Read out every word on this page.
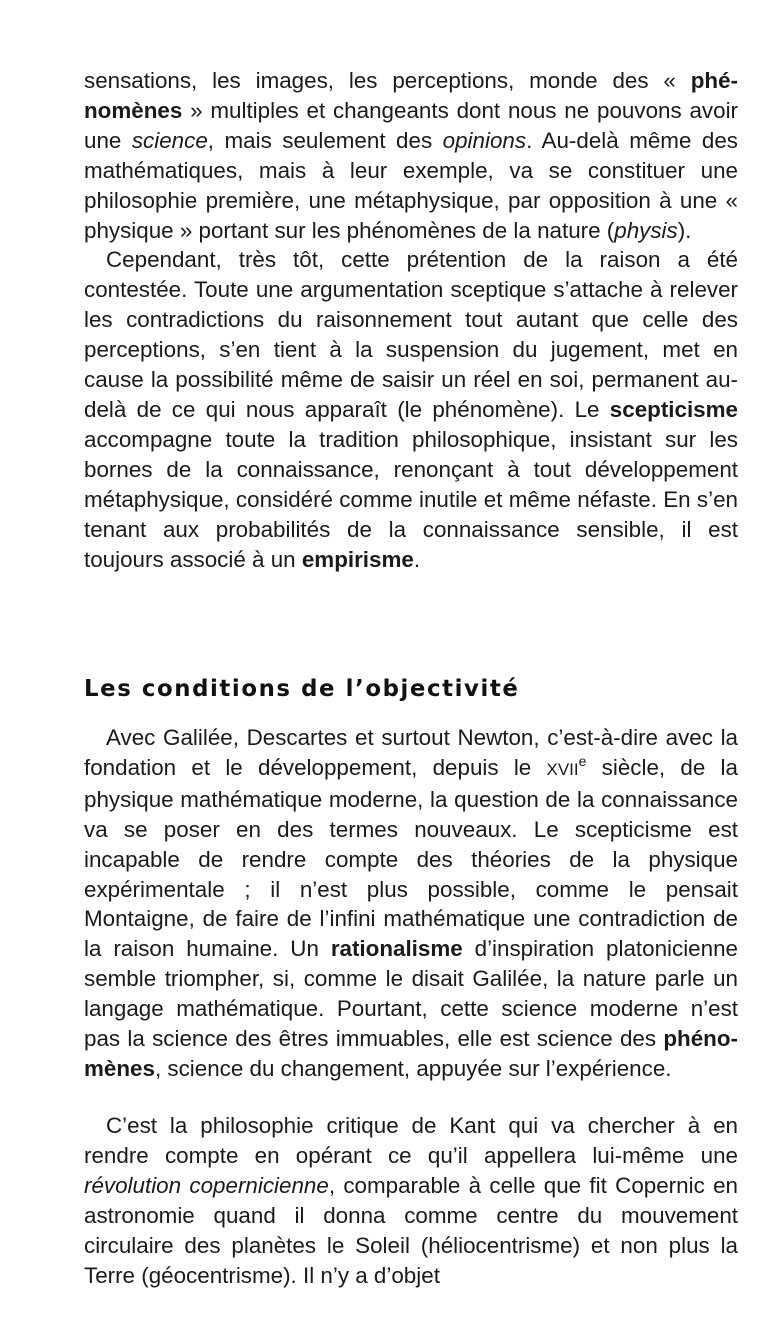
sensations, les images, les perceptions, monde des « phénomènes » multiples et changeants dont nous ne pouvons avoir une science, mais seulement des opinions. Au-delà même des mathématiques, mais à leur exemple, va se constituer une philosophie première, une métaphysique, par opposition à une « physique » portant sur les phénomènes de la nature (physis).

Cependant, très tôt, cette prétention de la raison a été contestée. Toute une argumentation sceptique s’attache à relever les contradictions du raisonnement tout autant que celle des perceptions, s’en tient à la suspension du jugement, met en cause la possibilité même de saisir un réel en soi, permanent au-delà de ce qui nous apparaît (le phénomène). Le scepticisme accompagne toute la tradition philosophique, insistant sur les bornes de la connaissance, renonçant à tout développement métaphysique, considéré comme inutile et même néfaste. En s’en tenant aux probabilités de la connaissance sensible, il est toujours associé à un empirisme.

Les conditions de l’objectivité

Avec Galilée, Descartes et surtout Newton, c’est-à-dire avec la fondation et le développement, depuis le XVIIe siècle, de la physique mathématique moderne, la question de la connaissance va se poser en des termes nouveaux. Le scepticisme est incapable de rendre compte des théories de la physique expérimentale ; il n’est plus possible, comme le pensait Montaigne, de faire de l’infini mathématique une contradiction de la raison humaine. Un rationalisme d’inspiration platonicienne semble triompher, si, comme le disait Galilée, la nature parle un langage mathématique. Pourtant, cette science moderne n’est pas la science des êtres immuables, elle est science des phénomènes, science du changement, appuyée sur l’expérience.

C’est la philosophie critique de Kant qui va chercher à en rendre compte en opérant ce qu’il appellera lui-même une révolution copernicienne, comparable à celle que fit Copernic en astronomie quand il donna comme centre du mouvement circulaire des planètes le Soleil (héliocentrisme) et non plus la Terre (géocentrisme). Il n’y a d’objet
